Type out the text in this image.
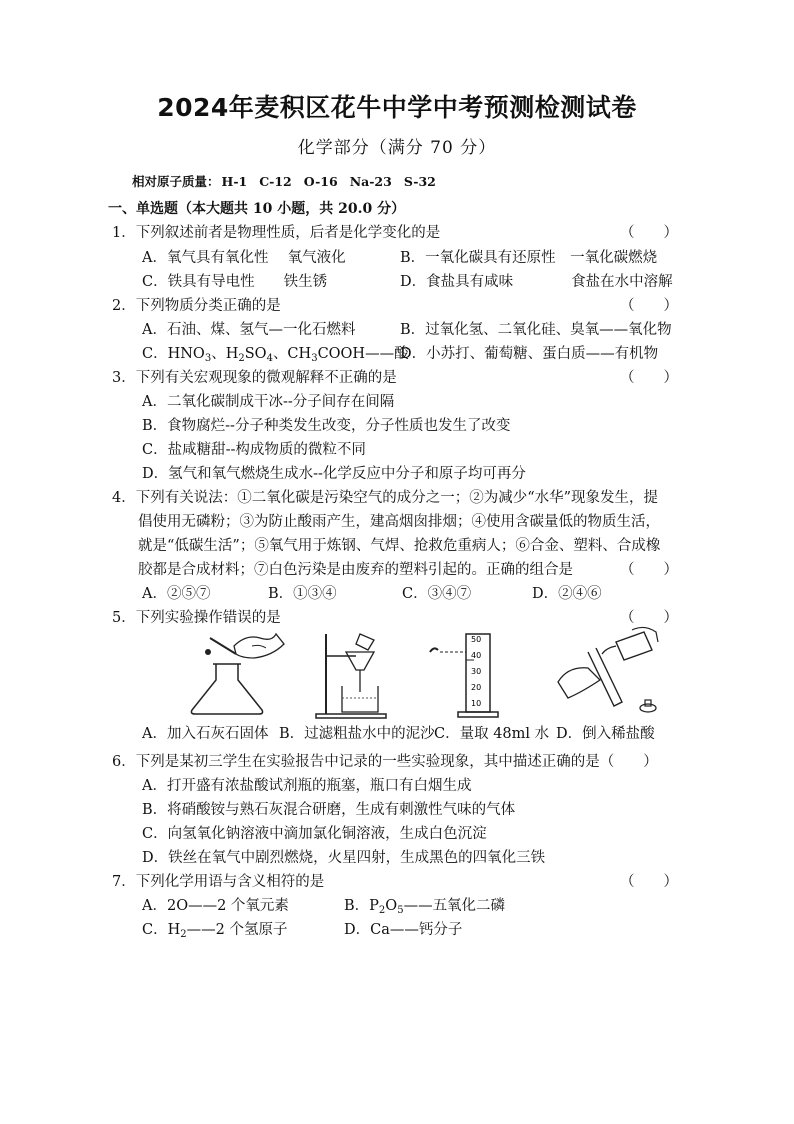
2024年麦积区花牛中学中考预测检测试卷
化学部分（满分 70 分）
相对原子质量： H-1 C-12 O-16 Na-23 S-32
一、单选题（本大题共 10 小题，共 20.0 分）
1．下列叙述前者是物理性质，后者是化学变化的是	（　　）
A．氧气具有氧化性　 氧气液化	B．一氧化碳具有还原性　一氧化碳燃烧
C．铁具有导电性　　铁生锈	D．食盐具有咸味　　　　食盐在水中溶解
2．下列物质分类正确的是	（　　）
A．石油、煤、氢气—一化石燃料	B．过氧化氢、二氧化硅、臭氧——氧化物
C．$HNO_3$、$H_2SO_4$、$CH_3COOH——$酸
D．小苏打、葡萄糖、蛋白质——有机物
3．下列有关宏观现象的微观解释不正确的是	（　　）
A．二氧化碳制成干冰--分子间存在间隔
B．食物腐烂--分子种类发生改变，分子性质也发生了改变
C．盐咸糖甜--构成物质的微粒不同
D．氢气和氧气燃烧生成水--化学反应中分子和原子均可再分
4．下列有关说法：①二氧化碳是污染空气的成分之一；②为减少“水华”现象发生，提
倡使用无磷粉；③为防止酸雨产生，建高烟囱排烟；④使用含碳量低的物质生活，
就是“低碳生活”；⑤氧气用于炼钢、气焊、抢救危重病人；⑥合金、塑料、合成橡
胶都是合成材料；⑦白色污染是由废弃的塑料引起的。正确的组合是	（　　）
A．②⑤⑦	B．①③④	C．③④⑦	D．②④⑥
5．下列实验操作错误的是	（　　）
50
40
30
20
10
A．加入石灰石固体 B．过滤粗盐水中的泥沙 C．量取 48ml 水 D．倒入稀盐酸
6．下列是某初三学生在实验报告中记录的一些实验现象，其中描述正确的是（　　）
A．打开盛有浓盐酸试剂瓶的瓶塞，瓶口有白烟生成
B．将硝酸铵与熟石灰混合研磨，生成有刺激性气味的气体
C．向氢氧化钠溶液中滴加氯化铜溶液，生成白色沉淀
D．铁丝在氧气中剧烈燃烧，火星四射，生成黑色的四氧化三铁
7．下列化学用语与含义相符的是	（　　）
A．2O——2 个氧元素	B．$P_2O_5——$五氧化二磷
C．$H_2——2$ 个氢原子	D．Ca——钙分子
